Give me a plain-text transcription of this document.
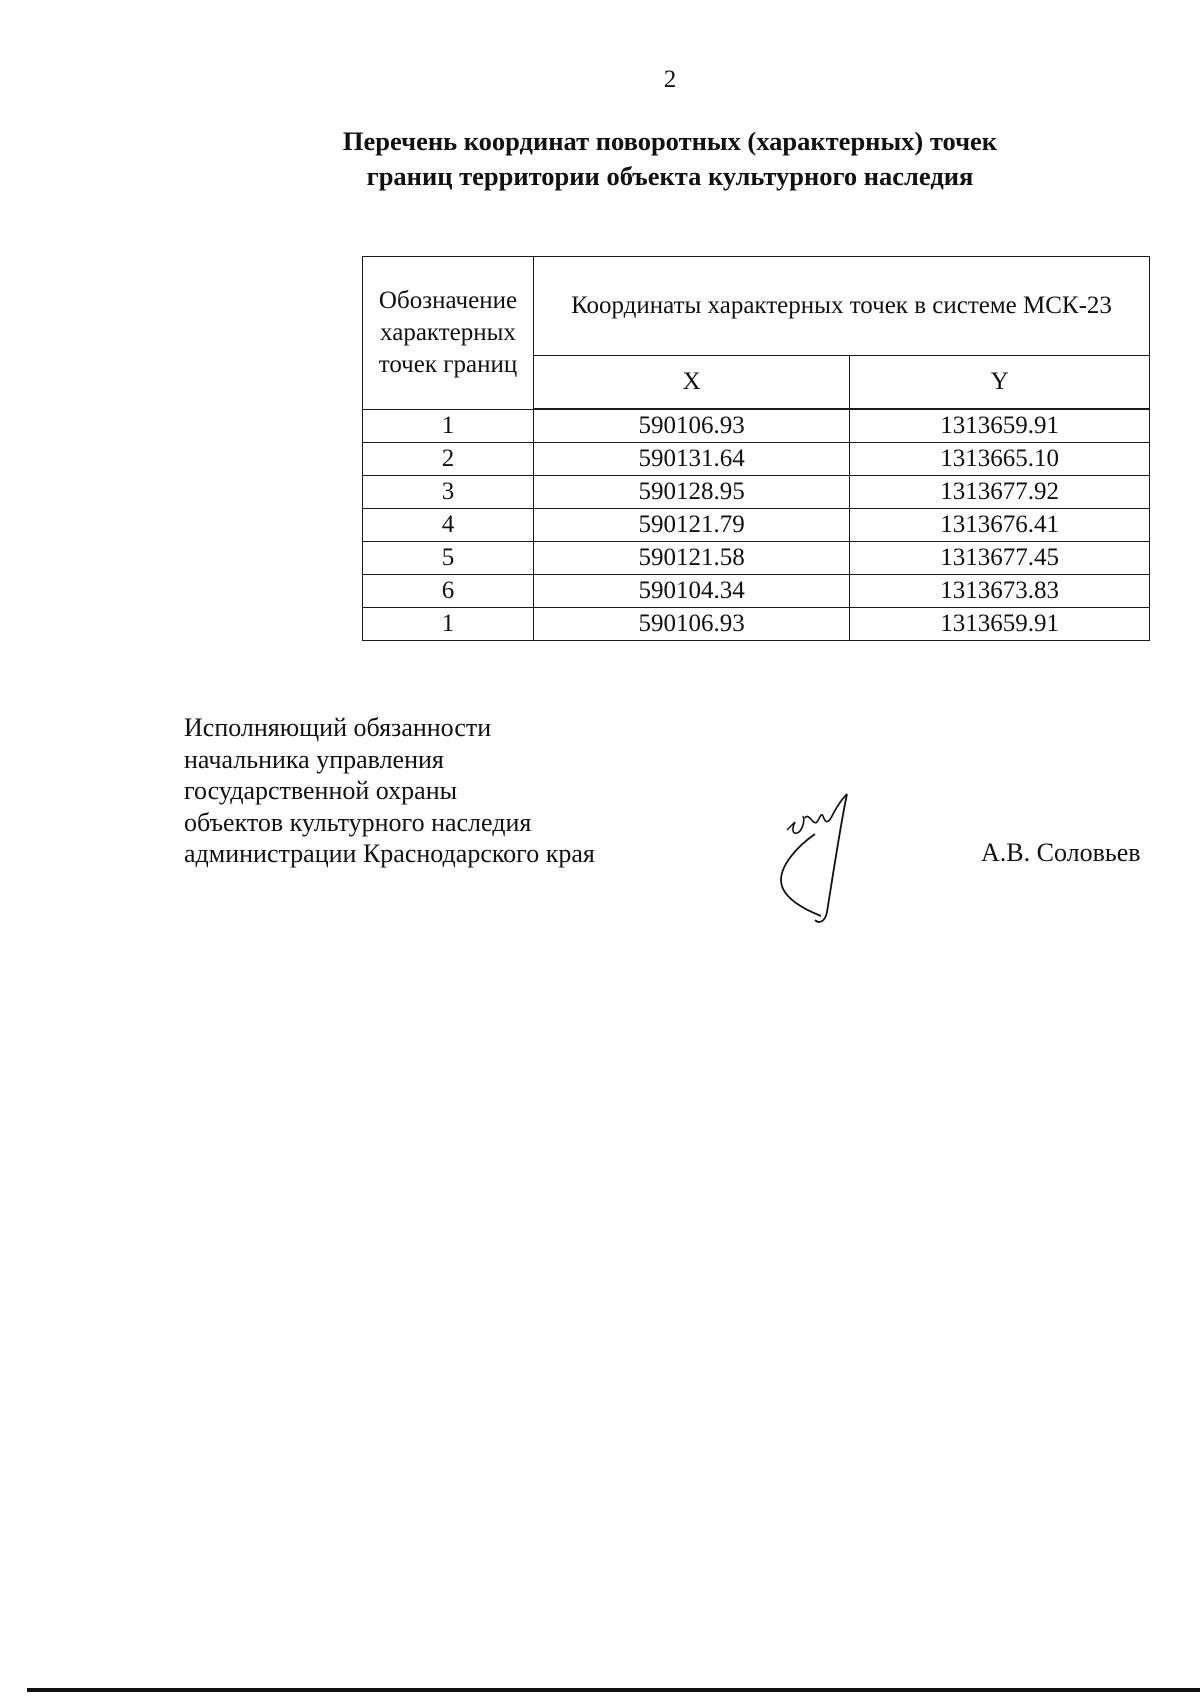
2
Перечень координат поворотных (характерных) точек
границ территории объекта культурного наследия
Обозначение характерных точек границ	Координаты характерных точек в системе МСК-23	
	X	Y
1	590106.93	1313659.91
2	590131.64	1313665.10
3	590128.95	1313677.92
4	590121.79	1313676.41
5	590121.58	1313677.45
6	590104.34	1313673.83
1	590106.93	1313659.91
Исполняющий обязанности
начальника управления
государственной охраны
объектов культурного наследия
администрации Краснодарского края	А.В. Соловьев
